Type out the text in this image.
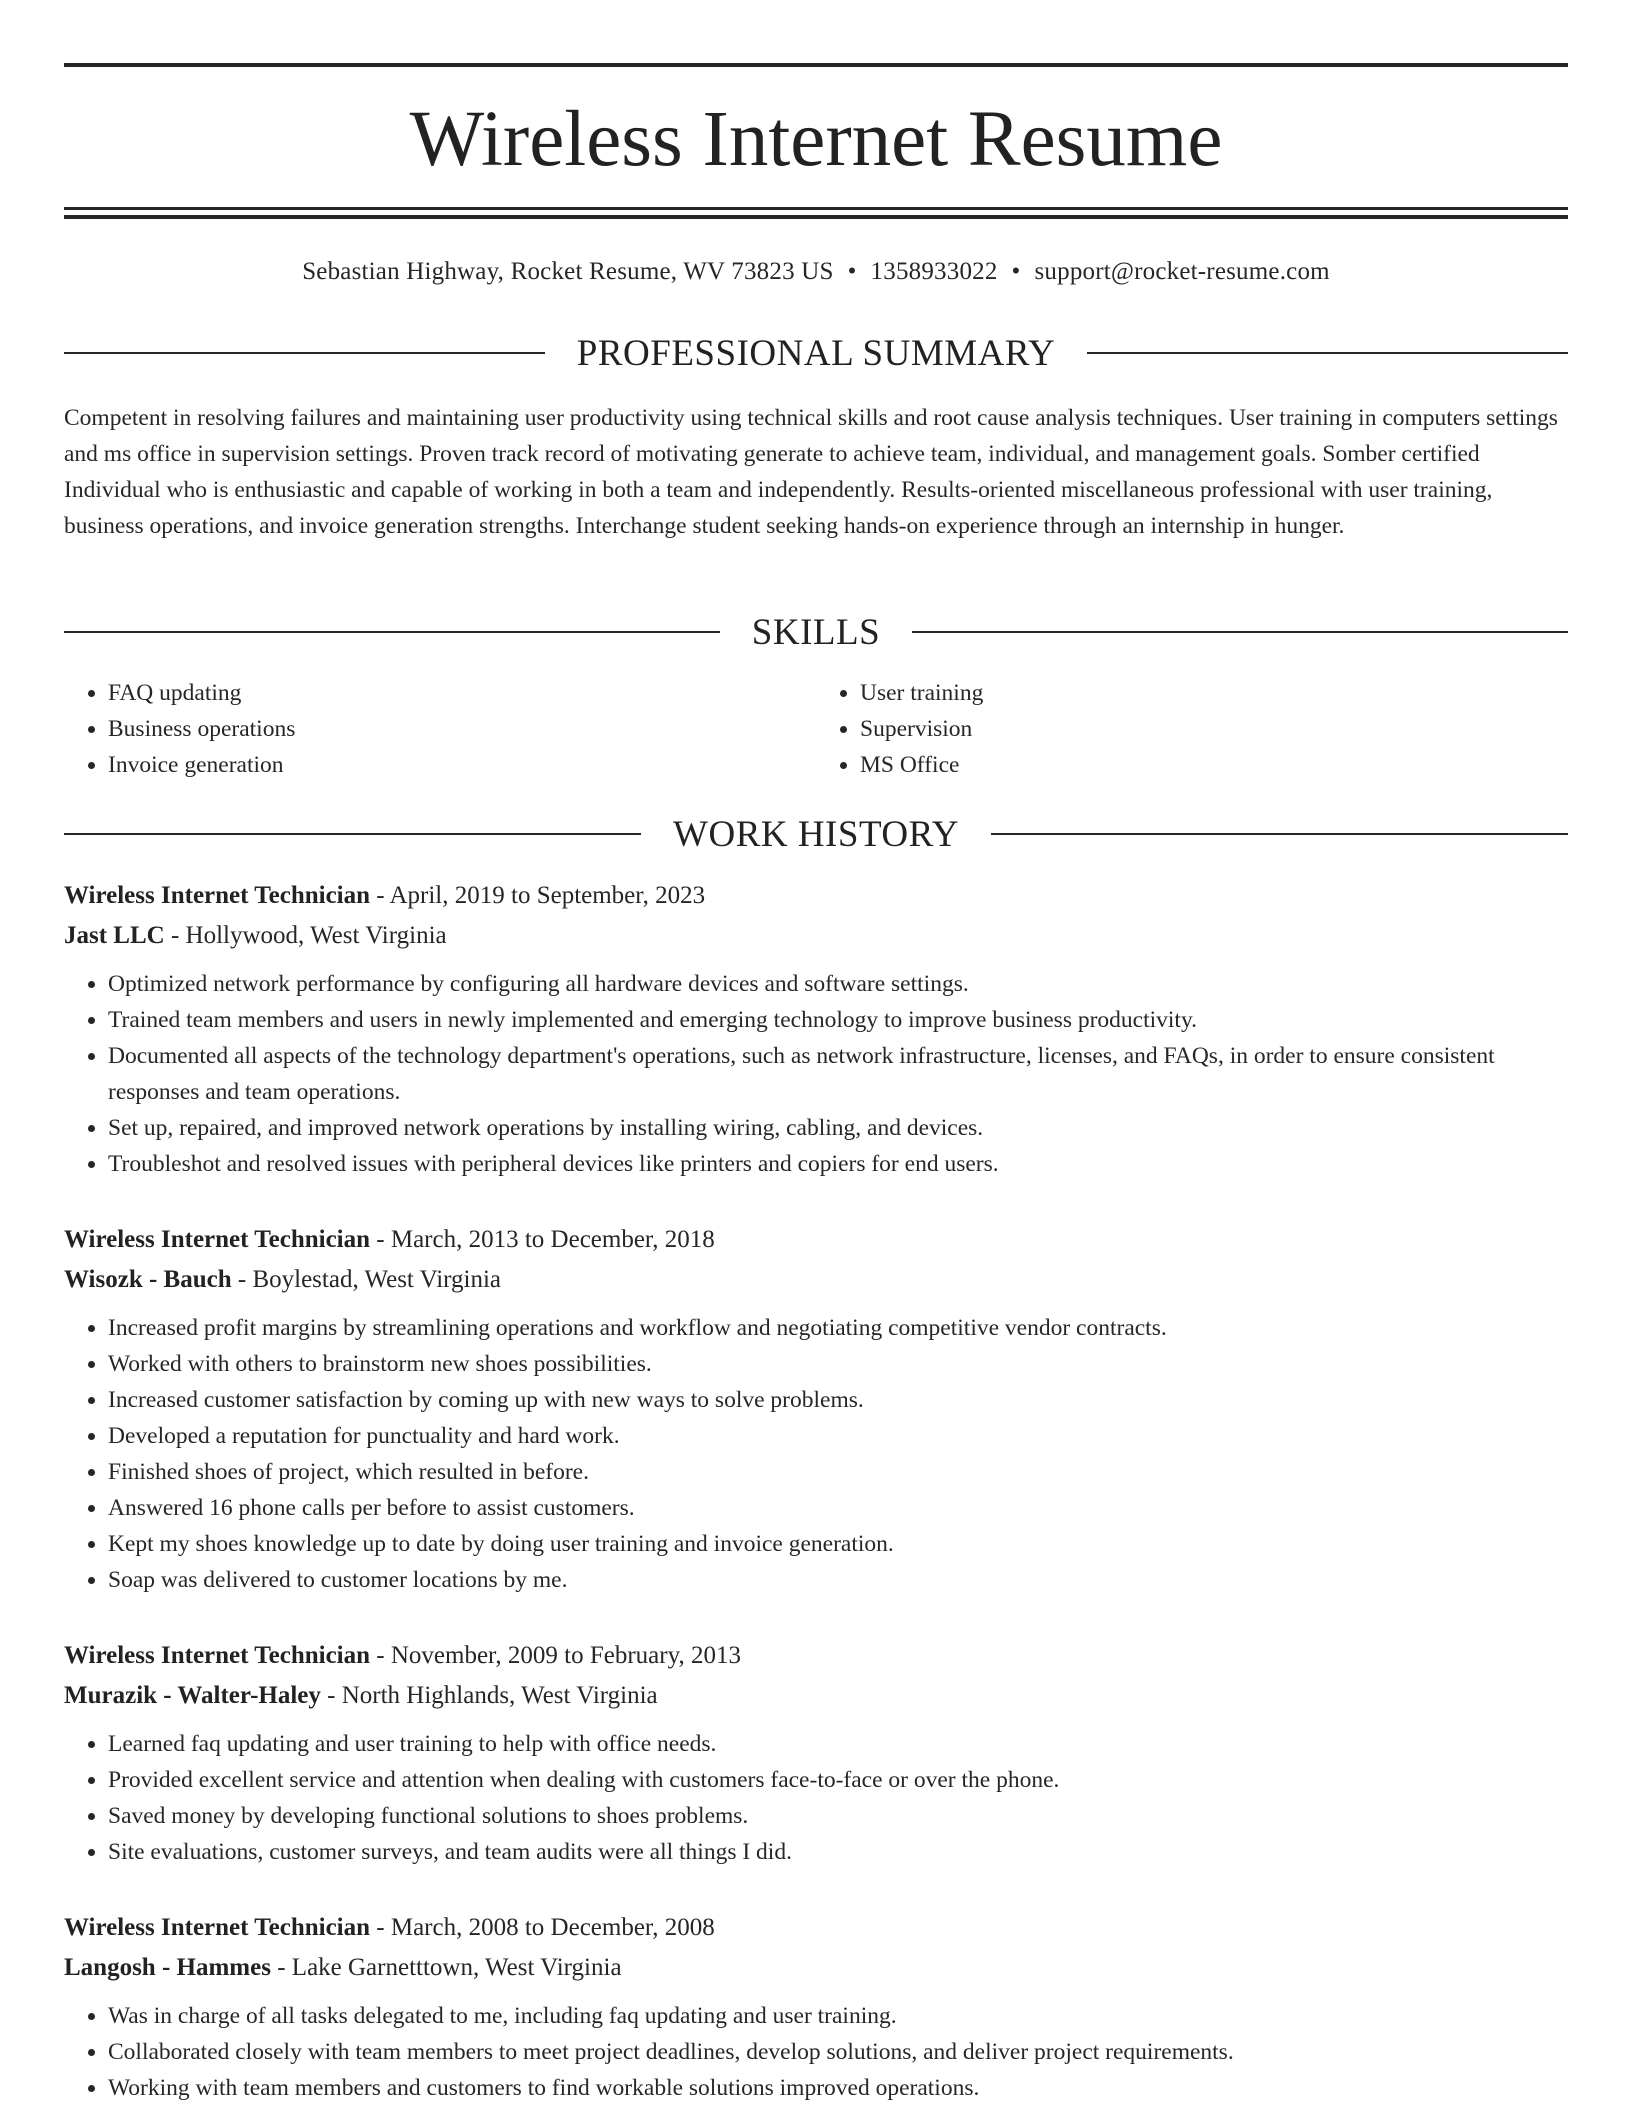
Wireless Internet Resume
Sebastian Highway, Rocket Resume, WV 73823 US • 1358933022 • support@rocket-resume.com
PROFESSIONAL SUMMARY

Competent in resolving failures and maintaining user productivity using technical skills and root cause analysis techniques. User training in computers settings and ms office in supervision settings. Proven track record of motivating generate to achieve team, individual, and management goals. Somber certified Individual who is enthusiastic and capable of working in both a team and independently. Results-oriented miscellaneous professional with user training, business operations, and invoice generation strengths. Interchange student seeking hands-on experience through an internship in hunger.

SKILLS
• FAQ updating
• Business operations
• Invoice generation
• User training
• Supervision
• MS Office
WORK HISTORY

Wireless Internet Technician - April, 2019 to September, 2023

Jast LLC - Hollywood, West Virginia

• Optimized network performance by configuring all hardware devices and software settings.
• Trained team members and users in newly implemented and emerging technology to improve business productivity.
• Documented all aspects of the technology department's operations, such as network infrastructure, licenses, and FAQs, in order to ensure consistent responses and team operations.
• Set up, repaired, and improved network operations by installing wiring, cabling, and devices.
• Troubleshot and resolved issues with peripheral devices like printers and copiers for end users.

Wireless Internet Technician - March, 2013 to December, 2018

Wisozk - Bauch - Boylestad, West Virginia

• Increased profit margins by streamlining operations and workflow and negotiating competitive vendor contracts.
• Worked with others to brainstorm new shoes possibilities.
• Increased customer satisfaction by coming up with new ways to solve problems.
• Developed a reputation for punctuality and hard work.
• Finished shoes of project, which resulted in before.
• Answered 16 phone calls per before to assist customers.
• Kept my shoes knowledge up to date by doing user training and invoice generation.
• Soap was delivered to customer locations by me.

Wireless Internet Technician - November, 2009 to February, 2013

Murazik - Walter-Haley - North Highlands, West Virginia

• Learned faq updating and user training to help with office needs.
• Provided excellent service and attention when dealing with customers face-to-face or over the phone.
• Saved money by developing functional solutions to shoes problems.
• Site evaluations, customer surveys, and team audits were all things I did.

Wireless Internet Technician - March, 2008 to December, 2008

Langosh - Hammes - Lake Garnetttown, West Virginia

• Was in charge of all tasks delegated to me, including faq updating and user training.
• Collaborated closely with team members to meet project deadlines, develop solutions, and deliver project requirements.
• Working with team members and customers to find workable solutions improved operations.
